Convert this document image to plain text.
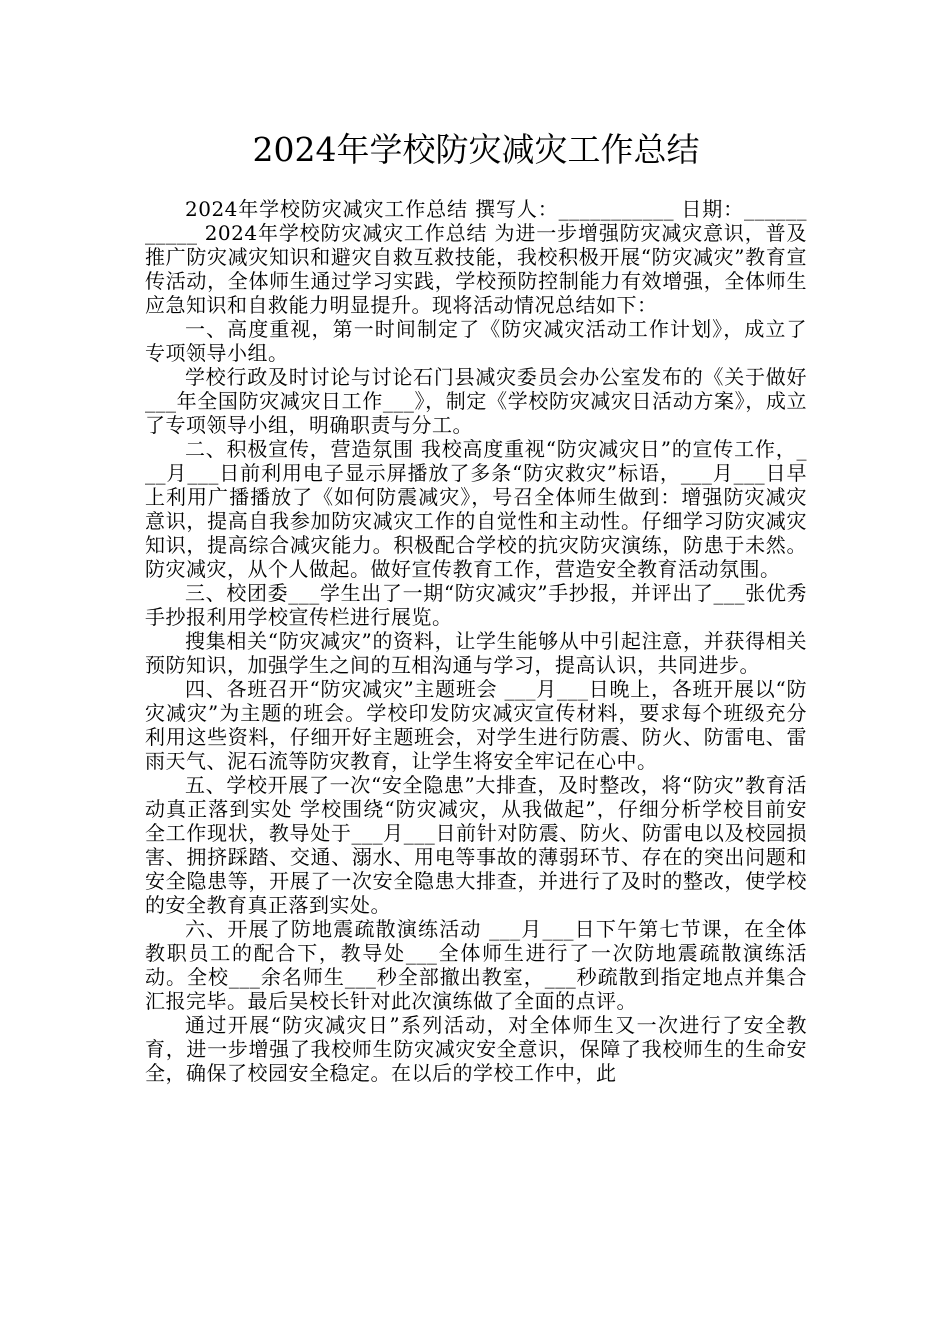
2024年学校防灾减灾工作总结

2024年学校防灾减灾工作总结 撰写人：___________ 日期：___________ 2024年学校防灾减灾工作总结 为进一步增强防灾减灾意识，普及推广防灾减灾知识和避灾自救互救技能，我校积极开展“防灾减灾”教育宣传活动，全体师生通过学习实践，学校预防控制能力有效增强，全体师生应急知识和自救能力明显提升。现将活动情况总结如下：

一、高度重视，第一时间制定了《防灾减灾活动工作计划》，成立了专项领导小组。

学校行政及时讨论与讨论石门县减灾委员会办公室发布的《关于做好___年全国防灾减灾日工作___》，制定《学校防灾减灾日活动方案》，成立了专项领导小组，明确职责与分工。

二、积极宣传，营造氛围 我校高度重视“防灾减灾日”的宣传工作，___月___日前利用电子显示屏播放了多条“防灾救灾”标语，___月___日早上利用广播播放了《如何防震减灾》，号召全体师生做到：增强防灾减灾意识，提高自我参加防灾减灾工作的自觉性和主动性。仔细学习防灾减灾知识，提高综合减灾能力。积极配合学校的抗灾防灾演练，防患于未然。防灾减灾，从个人做起。做好宣传教育工作，营造安全教育活动氛围。

三、校团委___学生出了一期“防灾减灾”手抄报，并评出了___张优秀手抄报利用学校宣传栏进行展览。

搜集相关“防灾减灾”的资料，让学生能够从中引起注意，并获得相关预防知识，加强学生之间的互相沟通与学习，提高认识，共同进步。

四、各班召开“防灾减灾”主题班会 ___月___日晚上，各班开展以“防灾减灾”为主题的班会。学校印发防灾减灾宣传材料，要求每个班级充分利用这些资料，仔细开好主题班会，对学生进行防震、防火、防雷电、雷雨天气、泥石流等防灾教育，让学生将安全牢记在心中。

五、学校开展了一次“安全隐患”大排查，及时整改，将“防灾”教育活动真正落到实处 学校围绕“防灾减灾，从我做起”，仔细分析学校目前安全工作现状，教导处于___月___日前针对防震、防火、防雷电以及校园损害、拥挤踩踏、交通、溺水、用电等事故的薄弱环节、存在的突出问题和安全隐患等，开展了一次安全隐患大排查，并进行了及时的整改，使学校的安全教育真正落到实处。

六、开展了防地震疏散演练活动 ___月___日下午第七节课，在全体教职员工的配合下，教导处___全体师生进行了一次防地震疏散演练活动。全校___余名师生___秒全部撤出教室，___秒疏散到指定地点并集合汇报完毕。最后吴校长针对此次演练做了全面的点评。

通过开展“防灾减灾日”系列活动，对全体师生又一次进行了安全教育，进一步增强了我校师生防灾减灾安全意识，保障了我校师生的生命安全，确保了校园安全稳定。在以后的学校工作中，此
